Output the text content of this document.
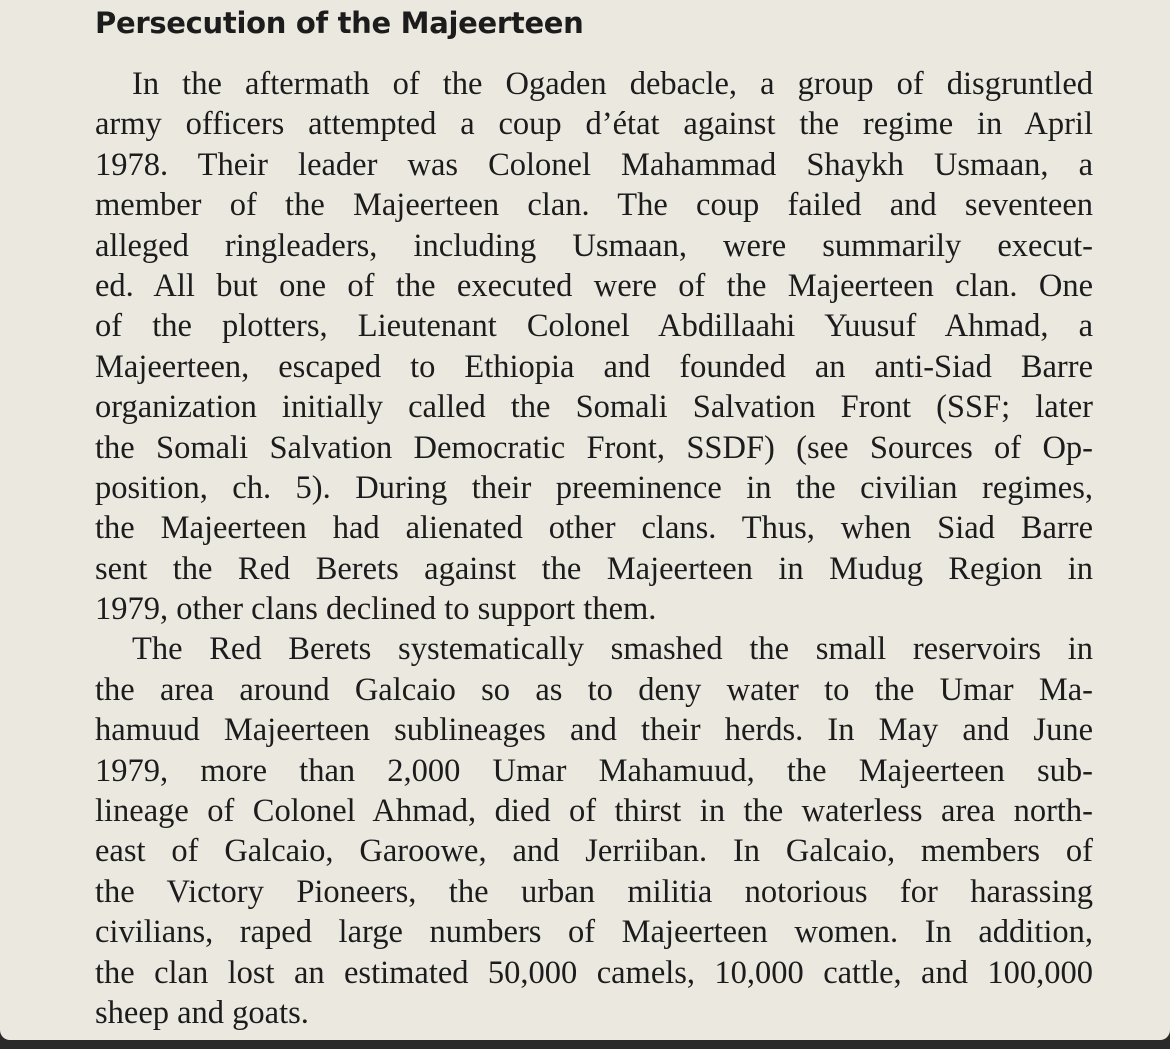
Persecution of the Majeerteen
In the aftermath of the Ogaden debacle, a group of disgruntled
army officers attempted a coup d’état against the regime in April
1978. Their leader was Colonel Mahammad Shaykh Usmaan, a
member of the Majeerteen clan. The coup failed and seventeen
alleged ringleaders, including Usmaan, were summarily execut-
ed. All but one of the executed were of the Majeerteen clan. One
of the plotters, Lieutenant Colonel Abdillaahi Yuusuf Ahmad, a
Majeerteen, escaped to Ethiopia and founded an anti-Siad Barre
organization initially called the Somali Salvation Front (SSF; later
the Somali Salvation Democratic Front, SSDF) (see Sources of Op-
position, ch. 5). During their preeminence in the civilian regimes,
the Majeerteen had alienated other clans. Thus, when Siad Barre
sent the Red Berets against the Majeerteen in Mudug Region in
1979, other clans declined to support them.
The Red Berets systematically smashed the small reservoirs in
the area around Galcaio so as to deny water to the Umar Ma-
hamuud Majeerteen sublineages and their herds. In May and June
1979, more than 2,000 Umar Mahamuud, the Majeerteen sub-
lineage of Colonel Ahmad, died of thirst in the waterless area north-
east of Galcaio, Garoowe, and Jerriiban. In Galcaio, members of
the Victory Pioneers, the urban militia notorious for harassing
civilians, raped large numbers of Majeerteen women. In addition,
the clan lost an estimated 50,000 camels, 10,000 cattle, and 100,000
sheep and goats.
